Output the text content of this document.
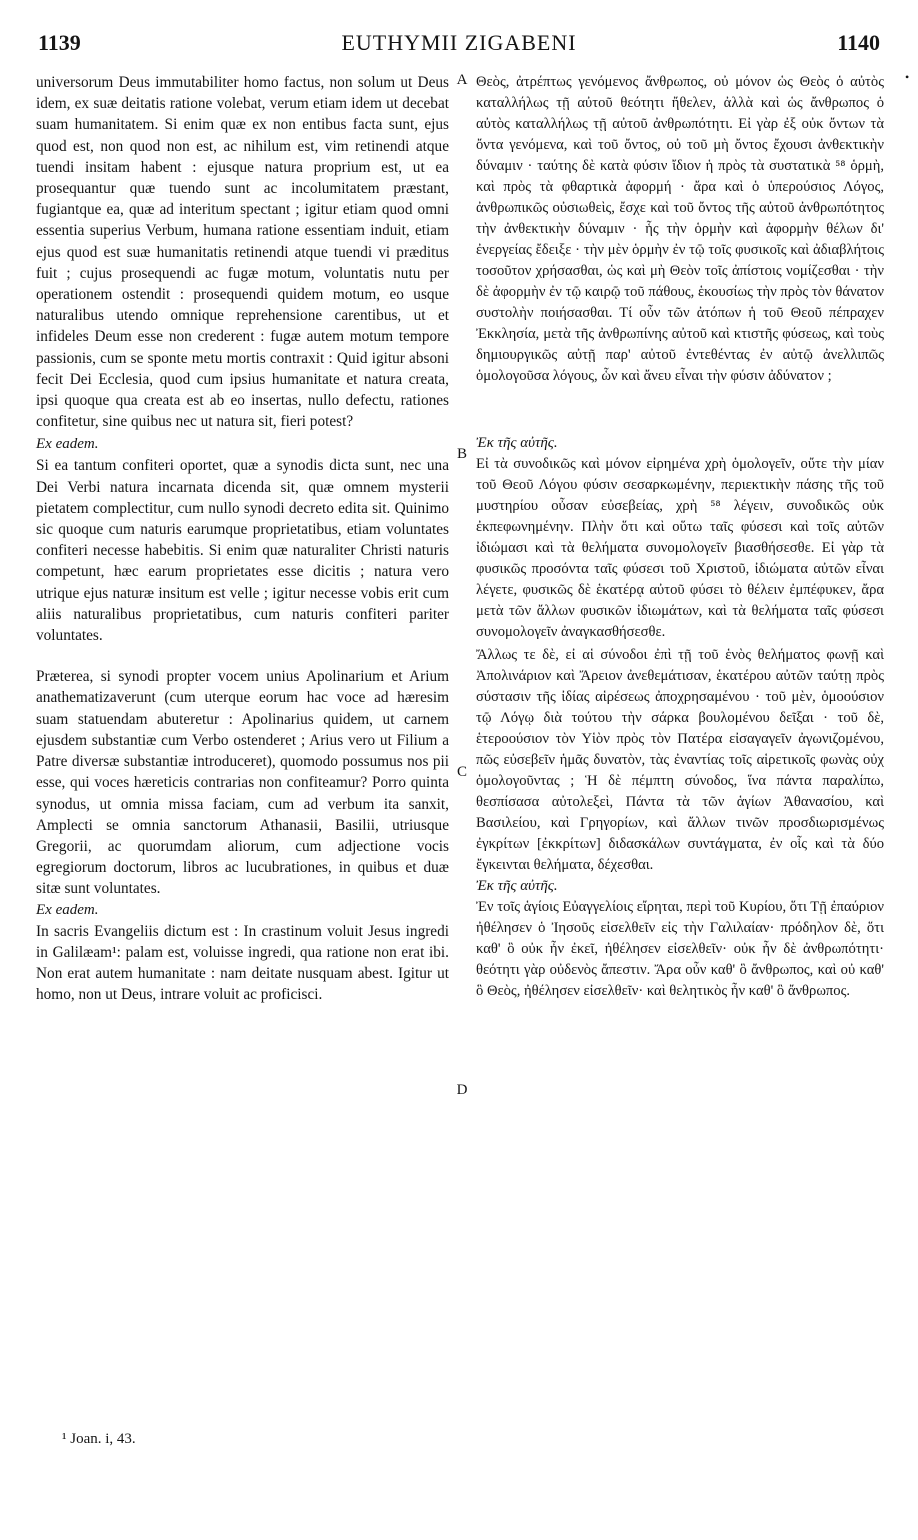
1139	EUTHYMII ZIGABENI	1140
•

universorum Deus immutabiliter homo factus, non solum ut Deus idem, ex suæ deitatis ratione volebat, verum etiam idem ut decebat suam humanitatem. Si enim quæ ex non entibus facta sunt, ejus quod est, non quod non est, ac nihilum est, vim retinendi atque tuendi insitam habent : ejusque natura proprium est, ut ea prosequantur quæ tuendo sunt ac incolumitatem præstant, fugiantque ea, quæ ad interitum spectant ; igitur etiam quod omni essentia superius Verbum, humana ratione essentiam induit, etiam ejus quod est suæ humanitatis retinendi atque tuendi vi præditus fuit ; cujus prosequendi ac fugæ motum, voluntatis nutu per operationem ostendit : prosequendi quidem motum, eo usque naturalibus utendo omnique reprehensione carentibus, ut et infideles Deum esse non crederent : fugæ autem motum tempore passionis, cum se sponte metu mortis contraxit : Quid igitur absoni fecit Dei Ecclesia, quod cum ipsius humanitate et natura creata, ipsi quoque qua creata est ab eo insertas, nullo defectu, rationes confitetur, sine quibus nec ut natura sit, fieri potest?

Ex eadem.

Si ea tantum confiteri oportet, quæ a synodis dicta sunt, nec una Dei Verbi natura incarnata dicenda sit, quæ omnem mysterii pietatem complectitur, cum nullo synodi decreto edita sit. Quinimo sic quoque cum naturis earumque proprietatibus, etiam voluntates confiteri necesse habebitis. Si enim quæ naturaliter Christi naturis competunt, hæc earum proprietates esse dicitis ; natura vero utrique ejus naturæ insitum est velle ; igitur necesse vobis erit cum aliis naturalibus proprietatibus, cum naturis confiteri pariter voluntates.

Præterea, si synodi propter vocem unius Apolinarium et Arium anathematizaverunt (cum uterque eorum hac voce ad hæresim suam statuendam abuteretur : Apolinarius quidem, ut carnem ejusdem substantiæ cum Verbo ostenderet ; Arius vero ut Filium a Patre diversæ substantiæ introduceret), quomodo possumus nos pii esse, qui voces hæreticis contrarias non confiteamur? Porro quinta synodus, ut omnia missa faciam, cum ad verbum ita sanxit, Amplecti se omnia sanctorum Athanasii, Basilii, utriusque Gregorii, ac quorumdam aliorum, cum adjectione vocis egregiorum doctorum, libros ac lucubrationes, in quibus et duæ sitæ sunt voluntates.

Ex eadem.

In sacris Evangeliis dictum est : In crastinum voluit Jesus ingredi in Galilæam¹: palam est, voluisse ingredi, qua ratione non erat ibi. Non erat autem humanitate : nam deitate nusquam abest. Igitur ut homo, non ut Deus, intrare voluit ac proficisci.

A
B
C
D

Θεὸς, ἀτρέπτως γενόμενος ἄνθρωπος, οὐ μόνον ὡς Θεὸς ὁ αὐτὸς καταλλήλως τῇ αὐτοῦ θεότητι ἤθελεν, ἀλλὰ καὶ ὡς ἄνθρωπος ὁ αὐτὸς καταλλήλως τῇ αὐτοῦ ἀνθρωπότητι. Εἰ γὰρ ἐξ οὐκ ὄντων τὰ ὄντα γενόμενα, καὶ τοῦ ὄντος, οὐ τοῦ μὴ ὄντος ἔχουσι ἀνθεκτικὴν δύναμιν · ταύτης δὲ κατὰ φύσιν ἴδιον ἡ πρὸς τὰ συστατικὰ ⁵⁸ ὁρμὴ, καὶ πρὸς τὰ φθαρτικὰ ἀφορμή · ἄρα καὶ ὁ ὑπερούσιος Λόγος, ἀνθρωπικῶς οὐσιωθεὶς, ἔσχε καὶ τοῦ ὄντος τῆς αὐτοῦ ἀνθρωπότητος τὴν ἀνθεκτικὴν δύναμιν · ἧς τὴν ὁρμὴν καὶ ἀφορμὴν θέλων δι' ἐνεργείας ἔδειξε · τὴν μὲν ὁρμὴν ἐν τῷ τοῖς φυσικοῖς καὶ ἀδιαβλήτοις τοσοῦτον χρήσασθαι, ὡς καὶ μὴ Θεὸν τοῖς ἀπίστοις νομίζεσθαι · τὴν δὲ ἀφορμὴν ἐν τῷ καιρῷ τοῦ πάθους, ἑκουσίως τὴν πρὸς τὸν θάνατον συστολὴν ποιήσασθαι. Τί οὖν τῶν ἀτόπων ἡ τοῦ Θεοῦ πέπραχεν Ἐκκλησία, μετὰ τῆς ἀνθρωπίνης αὐτοῦ καὶ κτιστῆς φύσεως, καὶ τοὺς δημιουργικῶς αὐτῇ παρ' αὐτοῦ ἐντεθέντας ἐν αὐτῷ ἀνελλιπῶς ὁμολογοῦσα λόγους, ὧν καὶ ἄνευ εἶναι τὴν φύσιν ἀδύνατον ;

Ἐκ τῆς αὐτῆς.

Εἰ τὰ συνοδικῶς καὶ μόνον εἰρημένα χρὴ ὁμολογεῖν, οὔτε τὴν μίαν τοῦ Θεοῦ Λόγου φύσιν σεσαρκωμένην, περιεκτικὴν πάσης τῆς τοῦ μυστηρίου οὖσαν εὐσεβείας, χρὴ ⁵⁸ λέγειν, συνοδικῶς οὐκ ἐκπεφωνημένην. Πλὴν ὅτι καὶ οὕτω ταῖς φύσεσι καὶ τοῖς αὐτῶν ἰδιώμασι καὶ τὰ θελήματα συνομολογεῖν βιασθήσεσθε. Εἰ γὰρ τὰ φυσικῶς προσόντα ταῖς φύσεσι τοῦ Χριστοῦ, ἰδιώματα αὐτῶν εἶναι λέγετε, φυσικῶς δὲ ἑκατέρᾳ αὐτοῦ φύσει τὸ θέλειν ἐμπέφυκεν, ἄρα μετὰ τῶν ἄλλων φυσικῶν ἰδιωμάτων, καὶ τὰ θελήματα ταῖς φύσεσι συνομολογεῖν ἀναγκασθήσεσθε.

Ἄλλως τε δὲ, εἰ αἱ σύνοδοι ἐπὶ τῇ τοῦ ἑνὸς θελήματος φωνῇ καὶ Ἀπολινάριον καὶ Ἄρειον ἀνεθεμάτισαν, ἑκατέρου αὐτῶν ταύτῃ πρὸς σύστασιν τῆς ἰδίας αἱρέσεως ἀποχρησαμένου · τοῦ μὲν, ὁμοούσιον τῷ Λόγῳ διὰ τούτου τὴν σάρκα βουλομένου δεῖξαι · τοῦ δὲ, ἑτεροούσιον τὸν Υἱὸν πρὸς τὸν Πατέρα εἰσαγαγεῖν ἀγωνιζομένου, πῶς εὐσεβεῖν ἡμᾶς δυνατὸν, τὰς ἐναντίας τοῖς αἱρετικοῖς φωνὰς οὐχ ὁμολογοῦντας ; Ἡ δὲ πέμπτη σύνοδος, ἵνα πάντα παραλίπω, θεσπίσασα αὐτολεξεὶ, Πάντα τὰ τῶν ἁγίων Ἀθανασίου, καὶ Βασιλείου, καὶ Γρηγορίων, καὶ ἄλλων τινῶν προσδιωρισμένως ἐγκρίτων [ἐκκρίτων] διδασκάλων συντάγματα, ἐν οἷς καὶ τὰ δύο ἔγκεινται θελήματα, δέχεσθαι.

Ἐκ τῆς αὐτῆς.

Ἐν τοῖς ἁγίοις Εὐαγγελίοις εἴρηται, περὶ τοῦ Κυρίου, ὅτι Τῇ ἐπαύριον ἠθέλησεν ὁ Ἰησοῦς εἰσελθεῖν εἰς τὴν Γαλιλαίαν· πρόδηλον δὲ, ὅτι καθ' ὃ οὐκ ἦν ἐκεῖ, ἠθέλησεν εἰσελθεῖν· οὐκ ἦν δὲ ἀνθρωπότητι· θεότητι γὰρ οὐδενὸς ἄπεστιν. Ἄρα οὖν καθ' ὃ ἄνθρωπος, καὶ οὐ καθ' ὃ Θεὸς, ἠθέλησεν εἰσελθεῖν· καὶ θελητικὸς ἦν καθ' ὃ ἄνθρωπος.

¹ Joan. i, 43.
